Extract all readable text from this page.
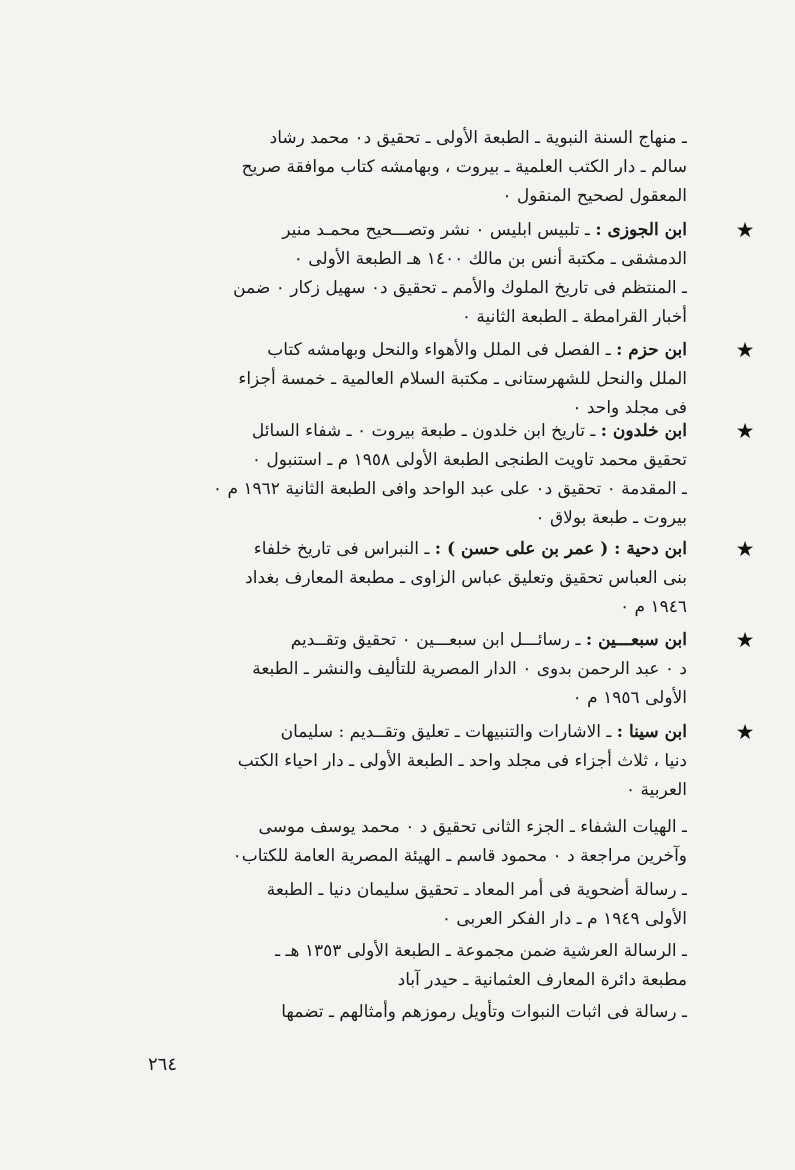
ـ منهاج السنة النبوية ـ الطبعة الأولى ـ تحقيق د٠ محمد رشاد
سالم ـ دار الكتب العلمية ـ بيروت ، وبهامشه كتاب موافقة صريح
المعقول لصحيح المنقول ٠
★
ابن الجوزى : ـ تلبيس ابليس ٠ نشر وتصـــحيح محمـد منير
الدمشقى ـ مكتبة أنس بن مالك ١٤٠٠ هـ الطبعة الأولى ٠
ـ المنتظم فى تاريخ الملوك والأمم ـ تحقيق د٠ سهيل زكار ٠ ضمن
أخبار القرامطة ـ الطبعة الثانية ٠
★
ابن حزم : ـ الفصل فى الملل والأهواء والنحل وبهامشه كتاب
الملل والنحل للشهرستانى ـ مكتبة السلام العالمية ـ خمسة أجزاء
فى مجلد واحد ٠
★
ابن خلدون : ـ تاريخ ابن خلدون ـ طبعة بيروت ٠ ـ شفاء السائل
تحقيق محمد تاويت الطنجى الطبعة الأولى ١٩٥٨ م ـ استنبول ٠
ـ المقدمة ٠ تحقيق د٠ على عبد الواحد وافى الطبعة الثانية ١٩٦٢ م ٠
بيروت ـ طبعة بولاق ٠
★
ابن دحية : ( عمر بن على حسن ) : ـ النبراس فى تاريخ خلفاء
بنى العباس تحقيق وتعليق عباس الزاوى ـ مطبعة المعارف بغداد
١٩٤٦ م ٠
★
ابن سبعـــين : ـ رسائـــل ابن سبعـــين ٠ تحقيق وتقــديم
د ٠ عبد الرحمن بدوى ٠ الدار المصرية للتأليف والنشر ـ الطبعة
الأولى ١٩٥٦ م ٠
★
ابن سينا : ـ الاشارات والتنبيهات ـ تعليق وتقــديم : سليمان
دنيا ، ثلاث أجزاء فى مجلد واحد ـ الطبعة الأولى ـ دار احياء الكتب
العربية ٠
ـ الهيات الشفاء ـ الجزء الثانى تحقيق د ٠ محمد يوسف موسى
وآخرين مراجعة د ٠ محمود قاسم ـ الهيئة المصرية العامة للكتاب٠
ـ رسالة أضحوية فى أمر المعاد ـ تحقيق سليمان دنيا ـ الطبعة
الأولى ١٩٤٩ م ـ دار الفكر العربى ٠
ـ الرسالة العرشية ضمن مجموعة ـ الطبعة الأولى ١٣٥٣ هـ ـ
مطبعة دائرة المعارف العثمانية ـ حيدر آباد
ـ رسالة فى اثبات النبوات وتأويل رموزهم وأمثالهم ـ تضمها
٢٦٤
